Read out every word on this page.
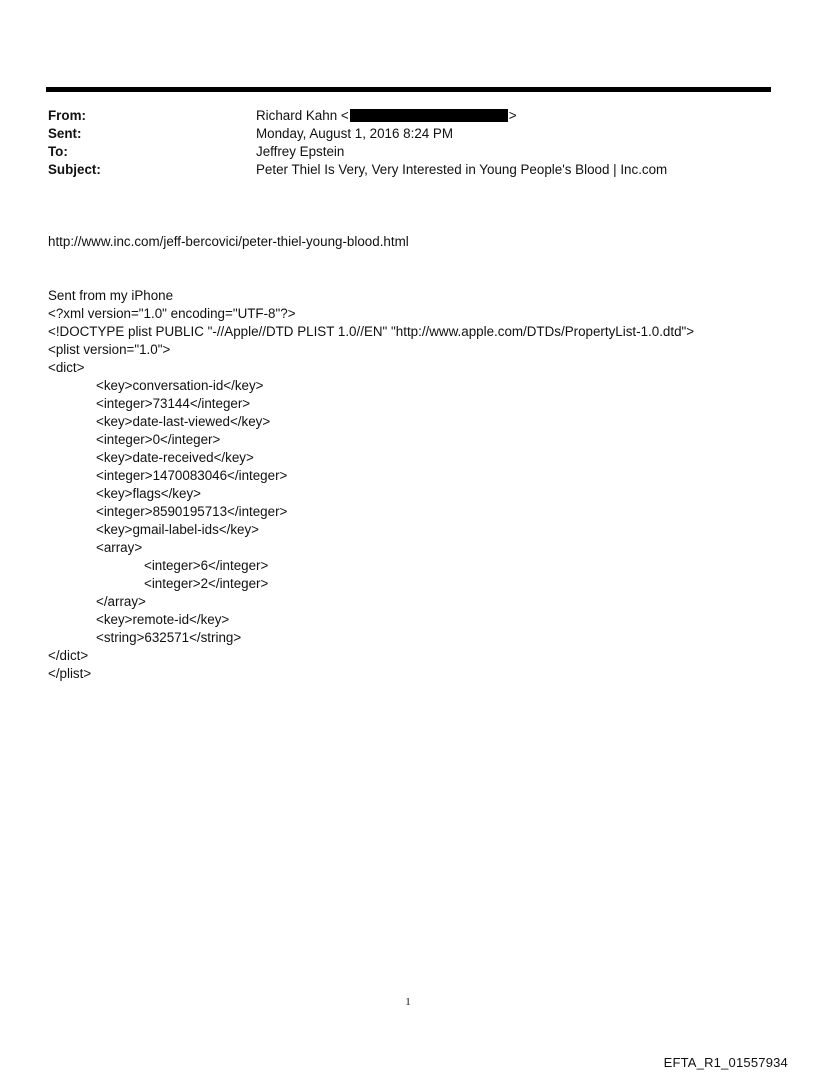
From:	Richard Kahn <	>
Sent:	Monday, August 1, 2016 8:24 PM
To:	Jeffrey Epstein
Subject:	Peter Thiel Is Very, Very Interested in Young People's Blood | Inc.com
http://www.inc.com/jeff-bercovici/peter-thiel-young-blood.html
Sent from my iPhone
<?xml version="1.0" encoding="UTF-8"?>
<!DOCTYPE plist PUBLIC "-//Apple//DTD PLIST 1.0//EN" "http://www.apple.com/DTDs/PropertyList-1.0.dtd">
<plist version="1.0">
<dict>
<key>conversation-id</key>
<integer>73144</integer>
<key>date-last-viewed</key>
<integer>0</integer>
<key>date-received</key>
<integer>1470083046</integer>
<key>flags</key>
<integer>8590195713</integer>
<key>gmail-label-ids</key>
<array>
<integer>6</integer>
<integer>2</integer>
</array>
<key>remote-id</key>
<string>632571</string>
</dict>
</plist>
1
EFTA_R1_01557934
